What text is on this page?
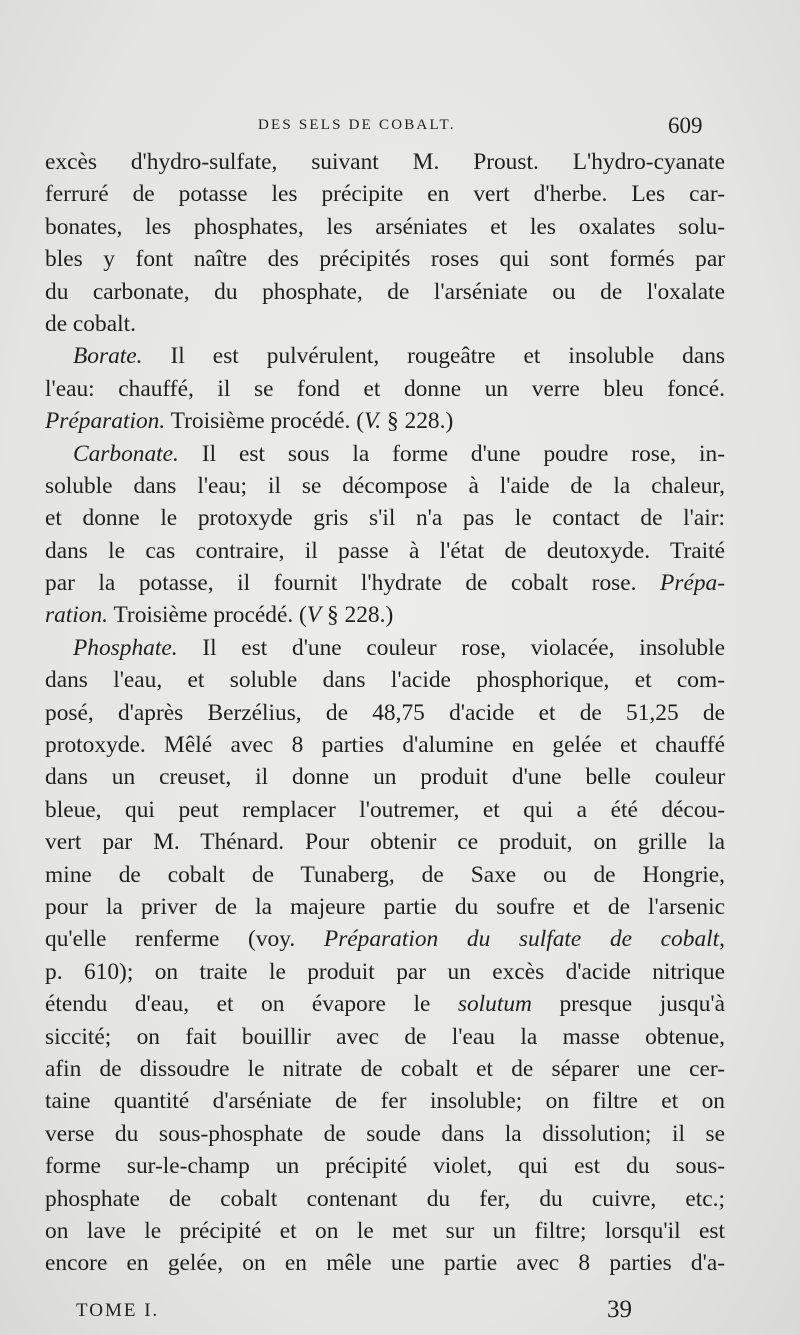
DES SELS DE COBALT.	609
excès d'hydro-sulfate, suivant M. Proust. L'hydro-cyanate
ferruré de potasse les précipite en vert d'herbe. Les car-
bonates, les phosphates, les arséniates et les oxalates solu-
bles y font naître des précipités roses qui sont formés par
du carbonate, du phosphate, de l'arséniate ou de l'oxalate
de cobalt.
Borate. Il est pulvérulent, rougeâtre et insoluble dans
l'eau: chauffé, il se fond et donne un verre bleu foncé.
Préparation. Troisième procédé. (V. § 228.)
Carbonate. Il est sous la forme d'une poudre rose, in-
soluble dans l'eau; il se décompose à l'aide de la chaleur,
et donne le protoxyde gris s'il n'a pas le contact de l'air:
dans le cas contraire, il passe à l'état de deutoxyde. Traité
par la potasse, il fournit l'hydrate de cobalt rose. Prépa-
ration. Troisième procédé. (V § 228.)
Phosphate. Il est d'une couleur rose, violacée, insoluble
dans l'eau, et soluble dans l'acide phosphorique, et com-
posé, d'après Berzélius, de 48,75 d'acide et de 51,25 de
protoxyde. Mêlé avec 8 parties d'alumine en gelée et chauffé
dans un creuset, il donne un produit d'une belle couleur
bleue, qui peut remplacer l'outremer, et qui a été décou-
vert par M. Thénard. Pour obtenir ce produit, on grille la
mine de cobalt de Tunaberg, de Saxe ou de Hongrie,
pour la priver de la majeure partie du soufre et de l'arsenic
qu'elle renferme (voy. Préparation du sulfate de cobalt,
p. 610); on traite le produit par un excès d'acide nitrique
étendu d'eau, et on évapore le solutum presque jusqu'à
siccité; on fait bouillir avec de l'eau la masse obtenue,
afin de dissoudre le nitrate de cobalt et de séparer une cer-
taine quantité d'arséniate de fer insoluble; on filtre et on
verse du sous-phosphate de soude dans la dissolution; il se
forme sur-le-champ un précipité violet, qui est du sous-
phosphate de cobalt contenant du fer, du cuivre, etc.;
on lave le précipité et on le met sur un filtre; lorsqu'il est
encore en gelée, on en mêle une partie avec 8 parties d'a-
TOME I.	39
